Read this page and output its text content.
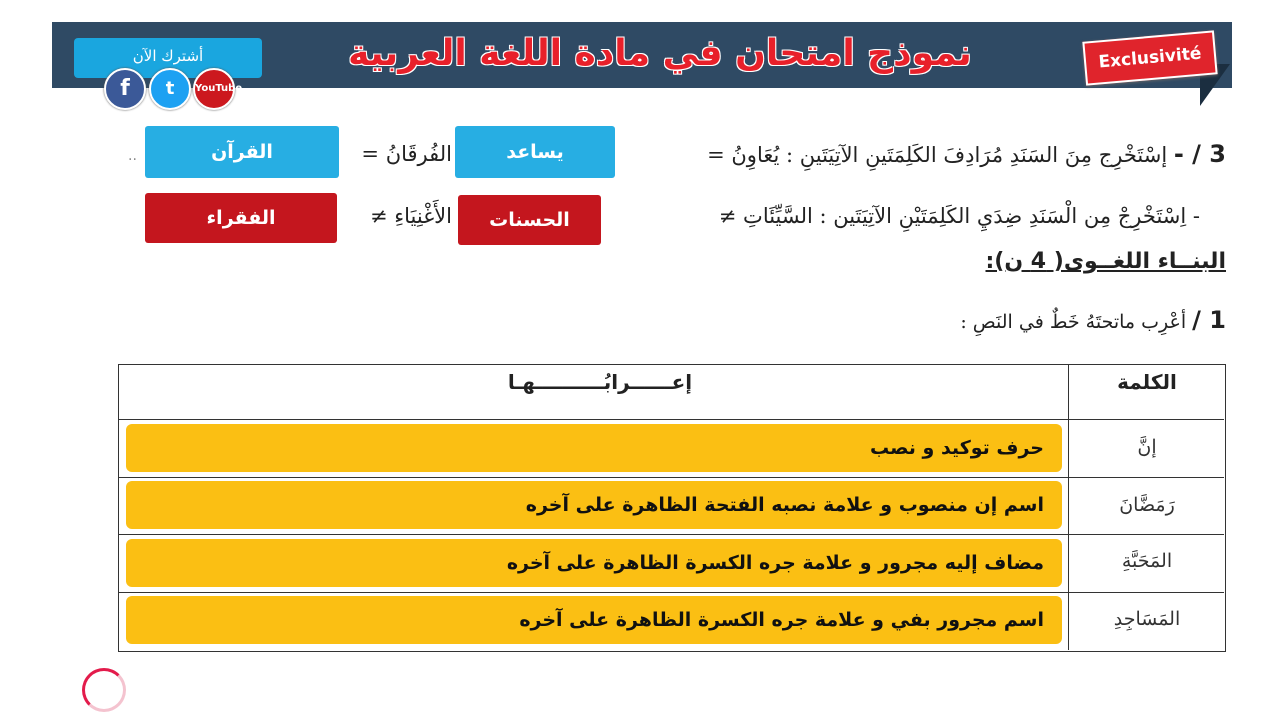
نموذج امتحان في مادة اللغة العربية
أشترك الآن
f	t	YouTube
Exclusivité
3 / - إسْتَخْرِج مِنَ السَنَدِ مُرَادِفَ الكَلِمَتَينِ الآتِيَتَينِ : يُعَاوِنُ =
يساعد
الفُرقَانُ =
القرآن
..
- اِسْتَخْرِجْ مِن الْسَنَدِ ضِدَيِ الكَلِمَتَيْنِ الآتِيَتَين : السَّيِّئَاتِ ≠
الحسنات
الأَغْنِيَاءِ ≠
الفقراء
البنــاء اللغــوى( 4 ن):
1 / أعْرِب ماتحتَهُ خَطٌ في النَصِ :
الكلمة
إعــــــرابُــــــــــهـا
إنَّ
حرف توكيد و نصب
رَمَضَّانَ
اسم إن منصوب و علامة نصبه الفتحة الظاهرة على آخره
المَحَبَّةِ
مضاف إليه مجرور و علامة جره الكسرة الظاهرة على آخره
المَسَاجِدِ
اسم مجرور بفي و علامة جره الكسرة الظاهرة على آخره
